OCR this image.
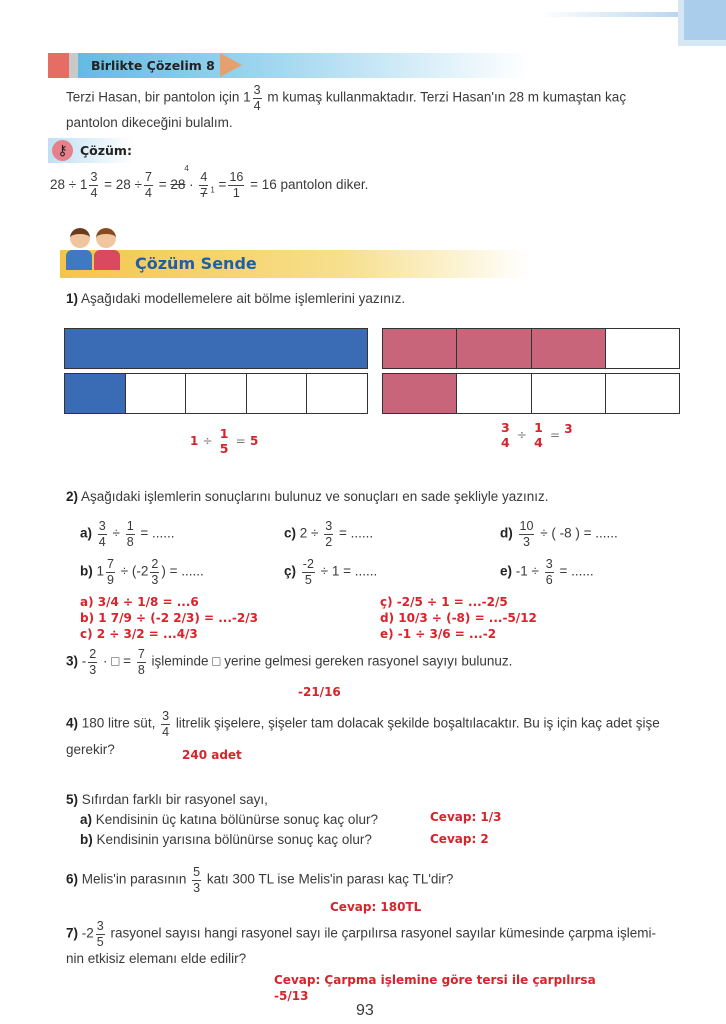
Birlikte Çözelim 8
Terzi Hasan, bir pantolon için $1 \frac{3}{4}$ m kumaş kullanmaktadır. Terzi Hasan'ın 28 m kumaştan kaç
pantolon dikeceğini bulalım.
⚷ Çözüm:
$28 \div 1 \frac{3}{4} = 28 \div \frac{7}{4} = 28$
4
· $\frac{4}{7} _1 = \frac{16}{1} = 16$ pantolon diker.
Çözüm Sende
1) Aşağıdaki modellemelere ait bölme işlemlerini yazınız.
1 ÷ 1
5 = 5
3
4 ÷ 1
4 = 3
2) Aşağıdaki işlemlerin sonuçlarını bulunuz ve sonuçları en sade şekliyle yazınız.
$a) \frac{3}{4} \div \frac{1}{8}$ = ......
b) $1 \frac{7}{9} \div (-2 \frac{2}{3}$ ) = ......
c) $2 \div \frac{3}{2}$ = ......
ç) $\frac{-2}{5} \div 1$ = ......
$d) \frac{10}{3}$ ÷ ( -8 ) = ......
e) $-1 \div \frac{3}{6}$ = ......
a) 3/4 ÷ 1/8 = ...6
b) 1 7/9 ÷ (-2 2/3) = ...-2/3
c) 2 ÷ 3/2 = ...4/3
ç) -2/5 ÷ 1 = ...-2/5
d) 10/3 ÷ (-8) = ...-5/12
e) -1 ÷ 3/6 = ...-2
$3) - \frac{2}{3}$ · □ = $\frac{7}{8}$ işleminde □ yerine gelmesi gereken rasyonel sayıyı bulunuz.
-21/16
4) 180 litre süt, $\frac{3}{4}$ litrelik şişelere, şişeler tam dolacak şekilde boşaltılacaktır. Bu iş için kaç adet şişe
gerekir?	240 adet
5) Sıfırdan farklı bir rasyonel sayı,
a) Kendisinin üç katına bölünürse sonuç kaç olur?
b) Kendisinin yarısına bölünürse sonuç kaç olur?
Cevap: 1/3
Cevap: 2
6) Melis'in parasının $\frac{5}{3}$ katı 300 TL ise Melis'in parası kaç TL'dir?
Cevap: 180TL
7) $-2 \frac{3}{5}$ rasyonel sayısı hangi rasyonel sayı ile çarpılırsa rasyonel sayılar kümesinde çarpma işlemi-
nin etkisiz elemanı elde edilir?
Cevap: Çarpma işlemine göre tersi ile çarpılırsa
-5/13
93
